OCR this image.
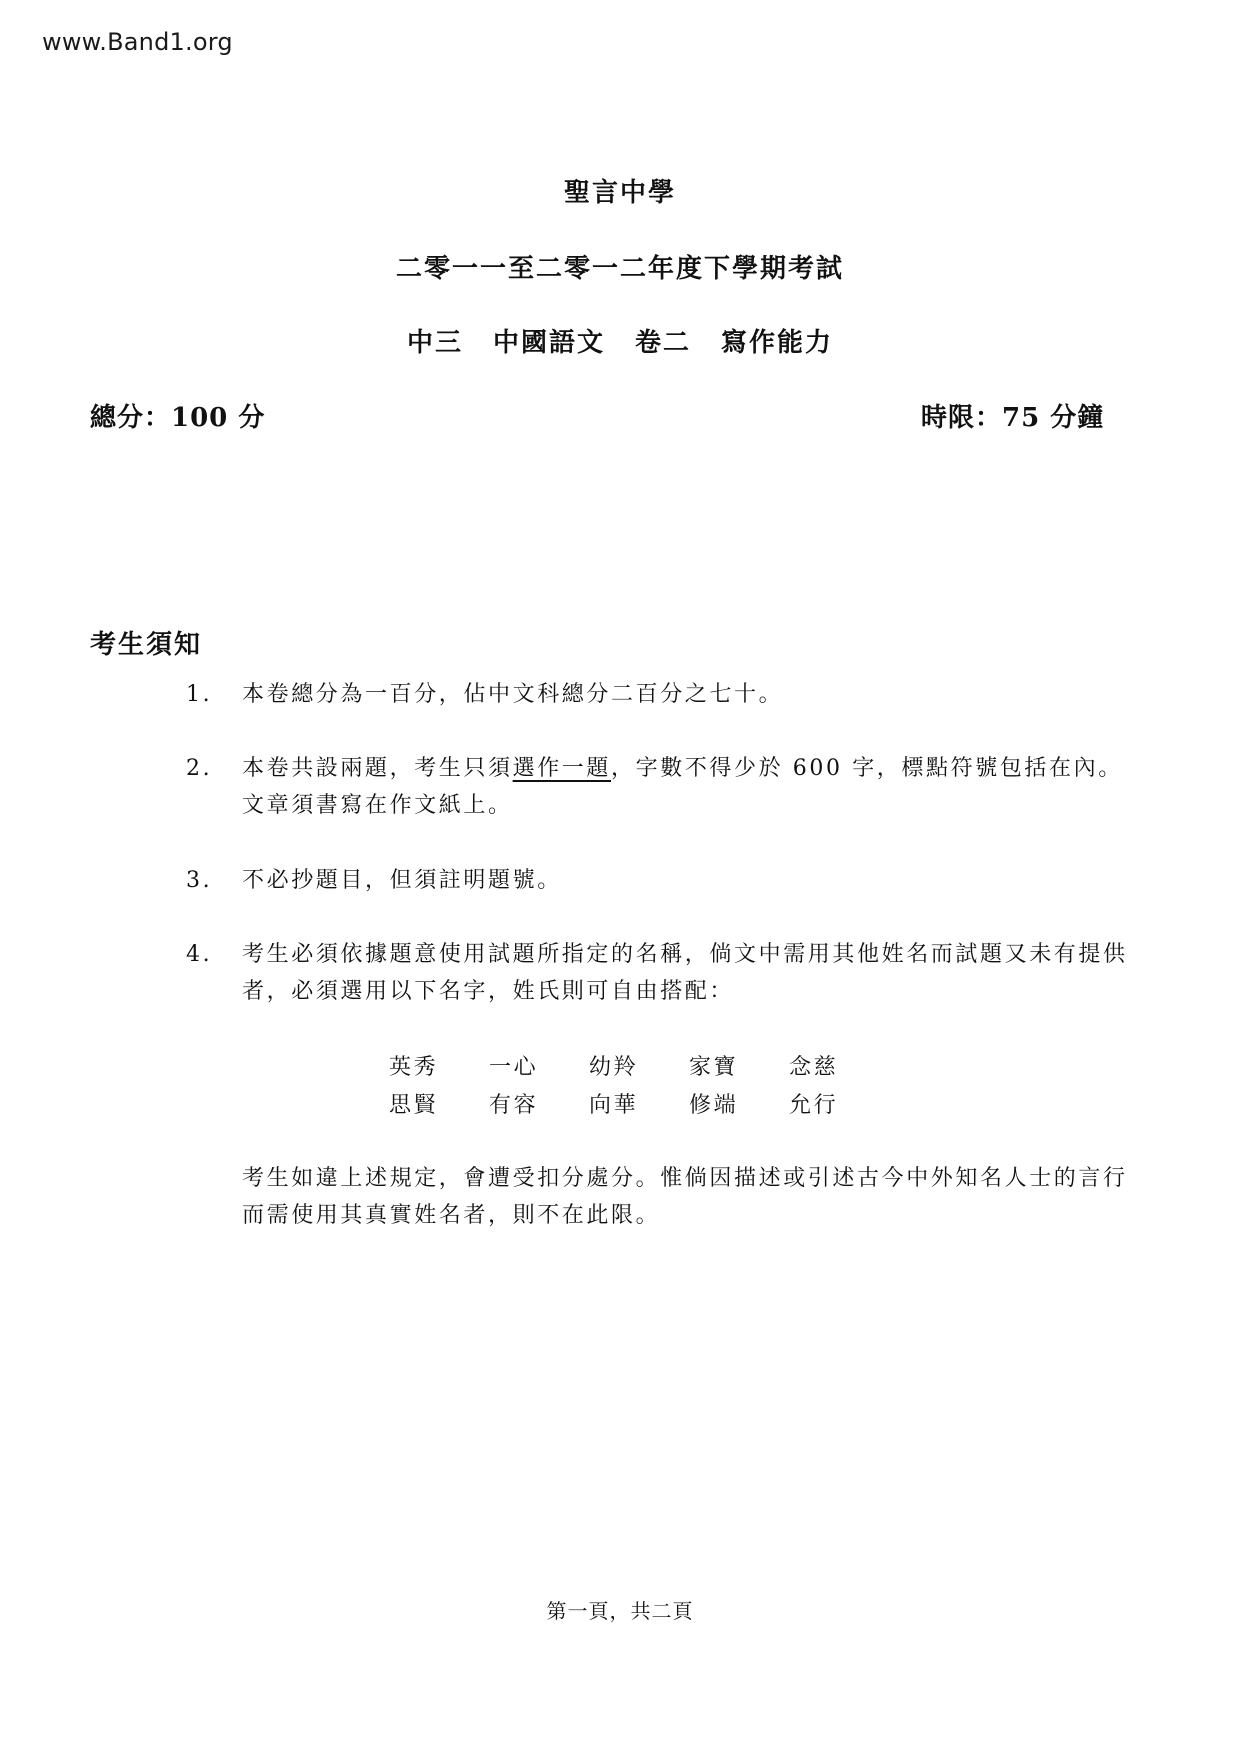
www.Band1.org
聖言中學
二零一一至二零一二年度下學期考試
中三 中國語文 卷二 寫作能力
總分：100 分	時限：75 分鐘
考生須知
1.	本卷總分為一百分，佔中文科總分二百分之七十。
2.	本卷共設兩題，考生只須選作一題，字數不得少於 600 字，標點符號包括在內。文章須書寫在作文紙上。
3.	不必抄題目，但須註明題號。
4.	考生必須依據題意使用試題所指定的名稱，倘文中需用其他姓名而試題又未有提供者，必須選用以下名字，姓氏則可自由搭配：
英秀 一心 幼羚 家寶 念慈
思賢 有容 向華 修端 允行
考生如違上述規定，會遭受扣分處分。惟倘因描述或引述古今中外知名人士的言行而需使用其真實姓名者，則不在此限。
第一頁，共二頁
